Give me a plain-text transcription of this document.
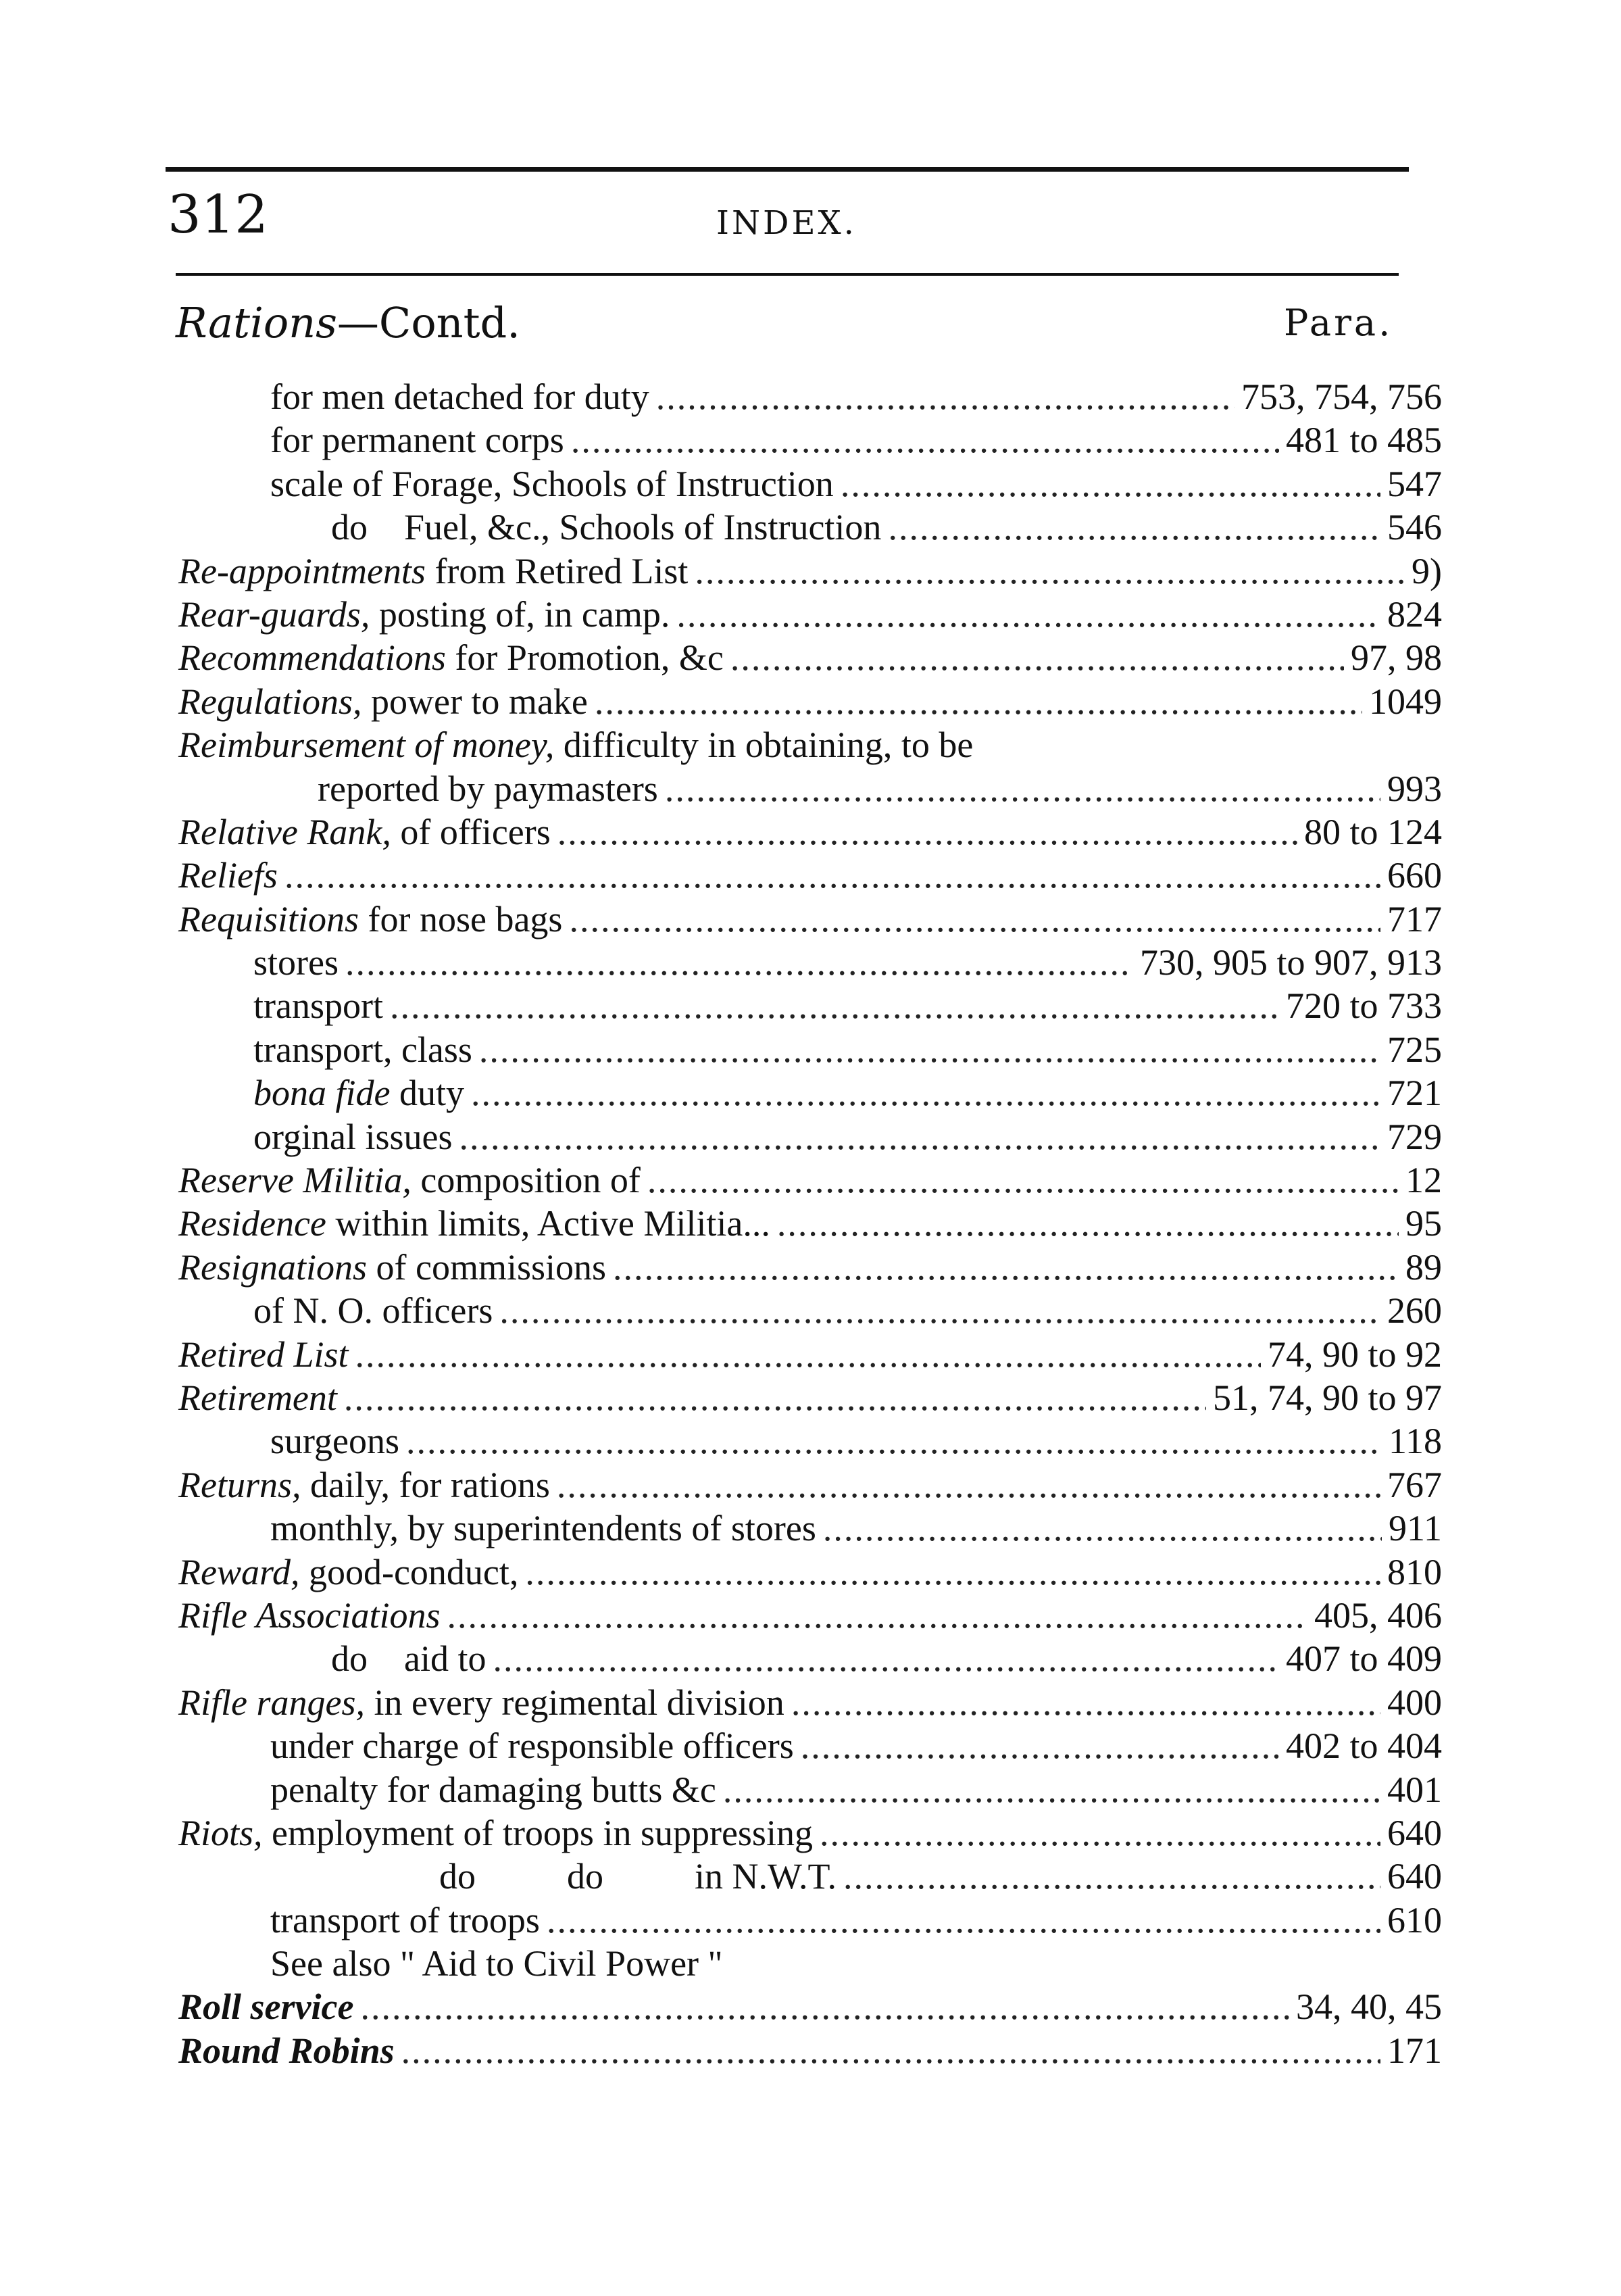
312	INDEX.
Rations—Contd.	Para.
for men detached for duty .....	753, 754, 756
for permanent corps .....	481 to 485
scale of Forage, Schools of Instruction .....	547
do    Fuel, &c., Schools of Instruction .....	546
Re-appointments from Retired List .....	9)
Rear-guards, posting of, in camp. .....	824
Recommendations for Promotion, &c .....	97, 98
Regulations, power to make .....	1049
Reimbursement of money, difficulty in obtaining, to be
reported by paymasters .....	993
Relative Rank, of officers .....	80 to 124
Reliefs .....	660
Requisitions for nose bags .....	717
stores .....	730, 905 to 907, 913
transport .....	720 to 733
transport, class .....	725
bona fide duty .....	721
orginal issues .....	729
Reserve Militia, composition of .....	12
Residence within limits, Active Militia... .....	95
Resignations of commissions .....	89
of N. O. officers .....	260
Retired List .....	74, 90 to 92
Retirement .....	51, 74, 90 to 97
surgeons .....	118
Returns, daily, for rations .....	767
monthly, by superintendents of stores .....	911
Reward, good-conduct, .....	810
Rifle Associations .....	405, 406
do    aid to .....	407 to 409
Rifle ranges, in every regimental division .....	400
under charge of responsible officers .....	402 to 404
penalty for damaging butts &c .....	401
Riots, employment of troops in suppressing .....	640
do          do          in N.W.T. .....	640
transport of troops .....	610
See also " Aid to Civil Power "
Roll service .....	34, 40, 45
Round Robins .....	171
